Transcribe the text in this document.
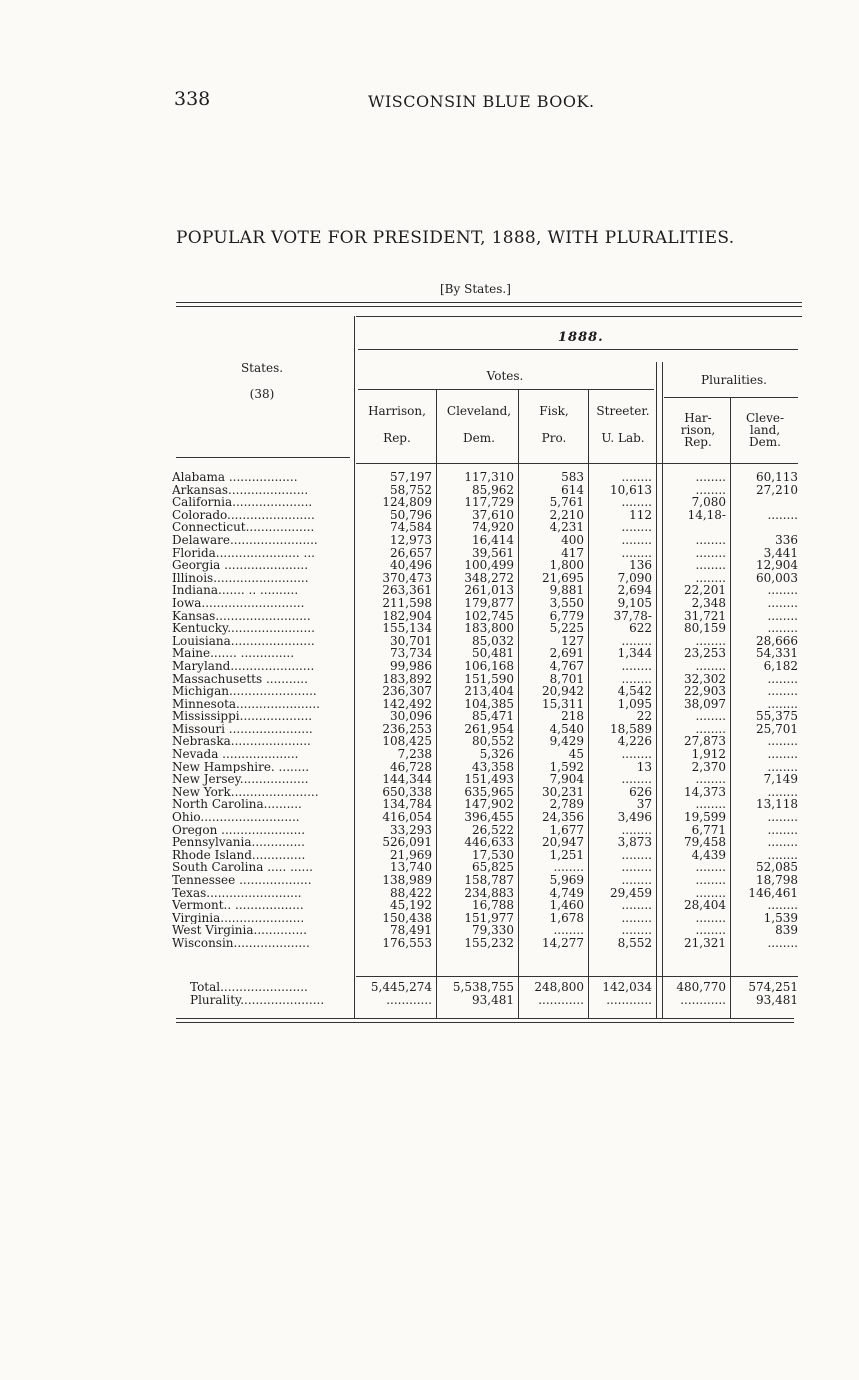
338	WISCONSIN BLUE BOOK.
POPULAR VOTE FOR PRESIDENT, 1888, WITH PLURALITIES.
[By States.]
States.
(38)
1888.
Votes.	Pluralities.
Harrison,
Rep.
Cleveland,
Dem.
Fisk,
Pro.
Streeter.
U. Lab.
Har-
rison,
Rep.
Cleve-
land,
Dem.
Alabama ..................
Arkansas.....................
California.....................
Colorado.......................
Connecticut..................
Delaware.......................
Florida...................... ...
Georgia ......................
Illinois.........................
Indiana....... .. ..........
Iowa...........................
Kansas.........................
Kentucky.......................
Louisiana......................
Maine....... ..............
Maryland......................
Massachusetts ...........
Michigan.......................
Minnesota......................
Mississippi...................
Missouri ......................
Nebraska.....................
Nevada ....................
New Hampshire. ........
New Jersey..................
New York.......................
North Carolina..........
Ohio..........................
Oregon ......................
Pennsylvania..............
Rhode Island..............
South Carolina ..... ......
Tennessee ...................
Texas.........................
Vermont.. ..................
Virginia......................
West Virginia..............
Wisconsin....................
57,197
58,752
124,809
50,796
74,584
12,973
26,657
40,496
370,473
263,361
211,598
182,904
155,134
30,701
73,734
99,986
183,892
236,307
142,492
30,096
236,253
108,425
7,238
46,728
144,344
650,338
134,784
416,054
33,293
526,091
21,969
13,740
138,989
88,422
45,192
150,438
78,491
176,553
117,310
85,962
117,729
37,610
74,920
16,414
39,561
100,499
348,272
261,013
179,877
102,745
183,800
85,032
50,481
106,168
151,590
213,404
104,385
85,471
261,954
80,552
5,326
43,358
151,493
635,965
147,902
396,455
26,522
446,633
17,530
65,825
158,787
234,883
16,788
151,977
79,330
155,232
583
614
5,761
2,210
4,231
400
417
1,800
21,695
9,881
3,550
6,779
5,225
127
2,691
4,767
8,701
20,942
15,311
218
4,540
9,429
45
1,592
7,904
30,231
2,789
24,356
1,677
20,947
1,251
........
5,969
4,749
1,460
1,678
........
14,277
........
10,613
........
112
........
........
........
136
7,090
2,694
9,105
37,78-
622
........
1,344
........
........
4,542
1,095
22
18,589
4,226
........
13
........
626
37
3,496
........
3,873
........
........
........
29,459
........
........
........
8,552
........
........
7,080
14,18-
........
........
........
........
22,201
2,348
31,721
80,159
........
23,253
........
32,302
22,903
38,097
........
........
27,873
1,912
2,370
........
14,373
........
19,599
6,771
79,458
4,439
........
........
........
28,404
........
........
21,321
60,113
27,210
........
336
3,441
12,904
60,003
........
........
........
........
28,666
54,331
6,182
........
........
........
55,375
25,701
........
........
........
7,149
........
13,118
........
........
........
........
52,085
18,798
146,461
........
1,539
839
........
Total.......................
Plurality......................
5,445,274
............
5,538,755
93,481
248,800
............
142,034
............
480,770
............
574,251
93,481
